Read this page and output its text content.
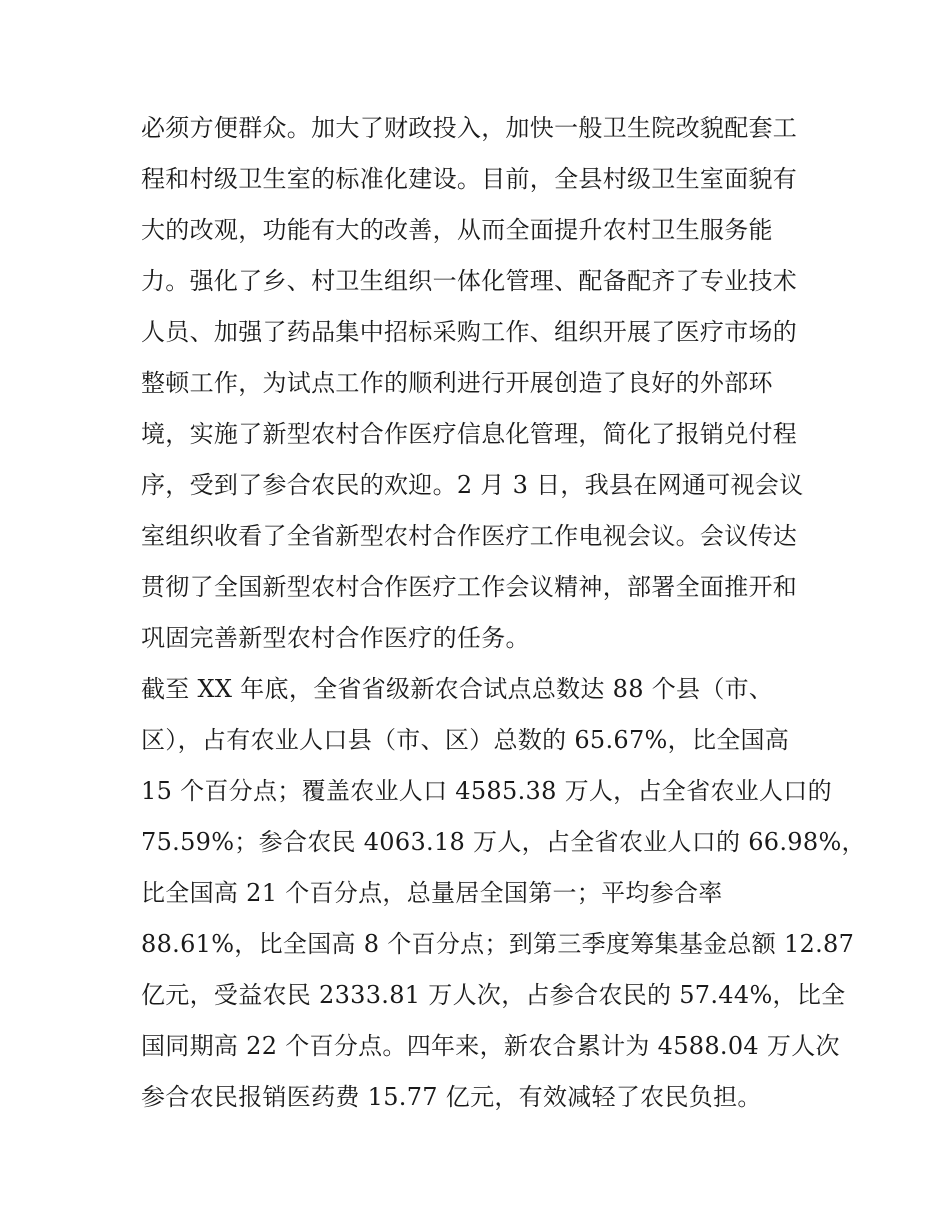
必须方便群众。加大了财政投入，加快一般卫生院改貌配套工
程和村级卫生室的标准化建设。目前，全县村级卫生室面貌有
大的改观，功能有大的改善，从而全面提升农村卫生服务能
力。强化了乡、村卫生组织一体化管理、配备配齐了专业技术
人员、加强了药品集中招标采购工作、组织开展了医疗市场的
整顿工作，为试点工作的顺利进行开展创造了良好的外部环
境，实施了新型农村合作医疗信息化管理，简化了报销兑付程
序，受到了参合农民的欢迎。2 月 3 日，我县在网通可视会议
室组织收看了全省新型农村合作医疗工作电视会议。会议传达
贯彻了全国新型农村合作医疗工作会议精神，部署全面推开和
巩固完善新型农村合作医疗的任务。
截至 XX 年底，全省省级新农合试点总数达 88 个县（市、
区），占有农业人口县（市、区）总数的 65.67%，比全国高
15 个百分点；覆盖农业人口 4585.38 万人，占全省农业人口的
75.59%；参合农民 4063.18 万人，占全省农业人口的 66.98%，
比全国高 21 个百分点，总量居全国第一；平均参合率
88.61%，比全国高 8 个百分点；到第三季度筹集基金总额 12.87
亿元，受益农民 2333.81 万人次，占参合农民的 57.44%，比全
国同期高 22 个百分点。四年来，新农合累计为 4588.04 万人次
参合农民报销医药费 15.77 亿元，有效减轻了农民负担。
